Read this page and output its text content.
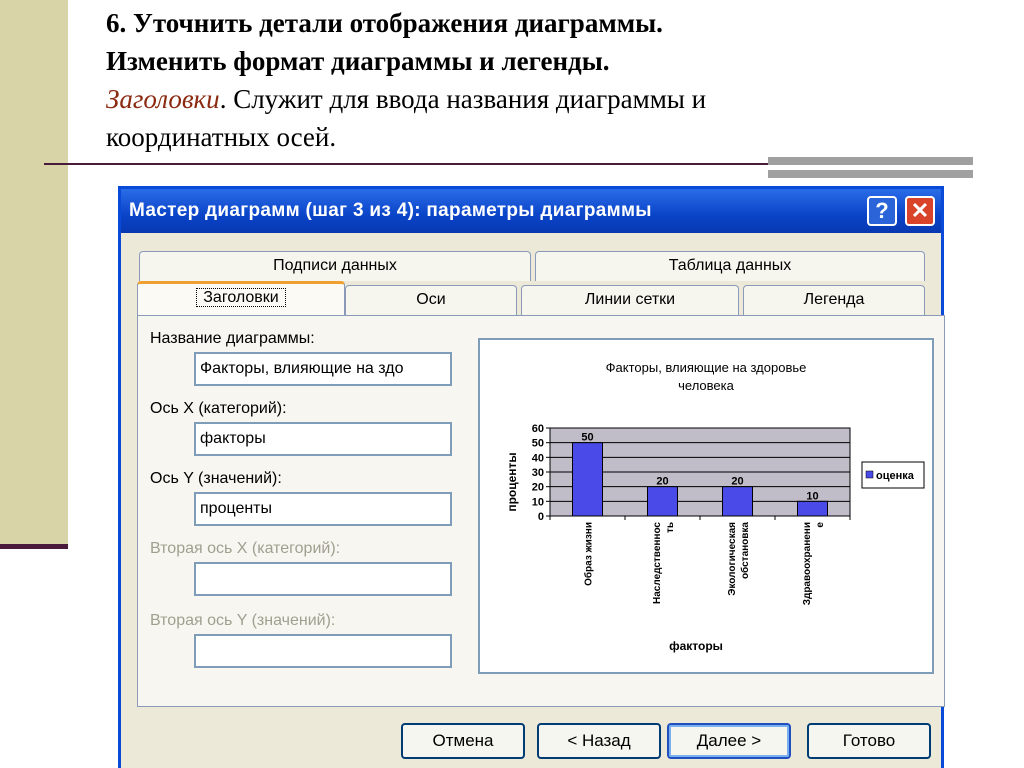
6. Уточнить детали отображения диаграммы.
Изменить формат диаграммы и легенды.
Заголовки. Служит для ввода названия диаграммы и
координатных осей.
Мастер диаграмм (шаг 3 из 4): параметры диаграммы	?	✕
Подписи данных	Таблица данных
Заголовки	Оси	Линии сетки	Легенда
Название диаграммы:
Факторы, влияющие на здо
Ось X (категорий):
факторы
Ось Y (значений):
проценты
Вторая ось X (категорий):
Вторая ось Y (значений):
Факторы, влияющие на здоровье
человека
проценты
факторы
0
10
20
30
40
50
60
50
Образ жизни
20
Наследственнос ть
20
Экологическая обстановка
10
Здравоохранени е
оценка
Отмена	< Назад	Далее >	Готово
